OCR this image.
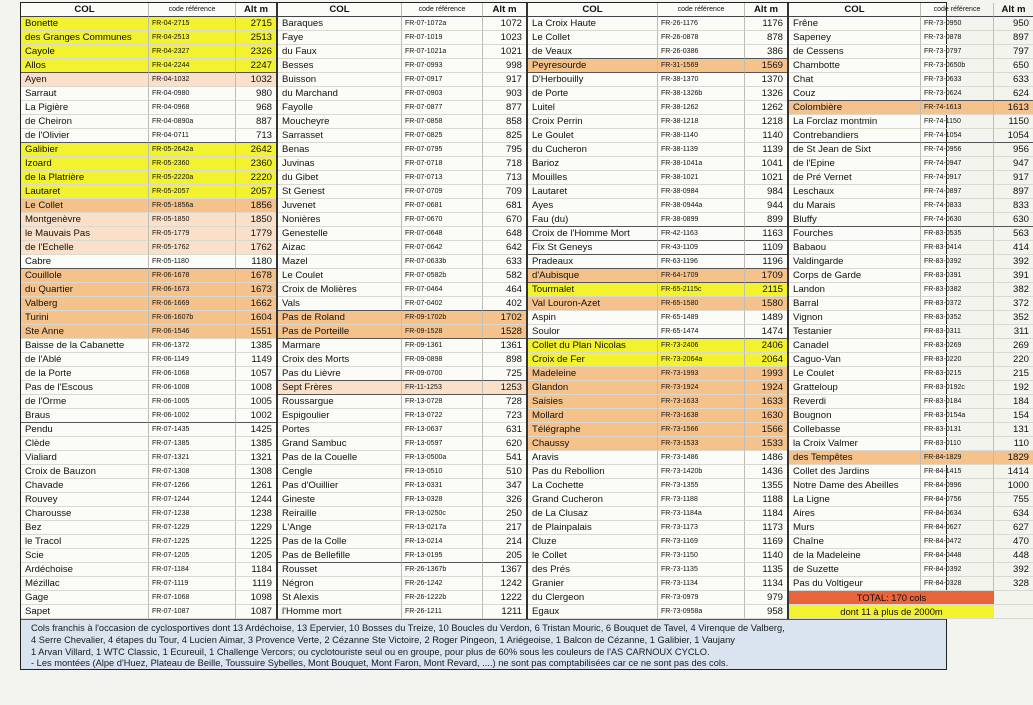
COL	code référence	Alt m
Bonette	FR-04-2715	2715
des Granges Communes	FR-04-2513	2513
Cayole	FR-04-2327	2326
Allos	FR-04-2244	2247
Ayen	FR-04-1032	1032
Sarraut	FR-04-0980	980
La Pigière	FR-04-0968	968
de Cheiron	FR-04-0890a	887
de l'Olivier	FR-04-0711	713
Galibier	FR-05-2642a	2642
Izoard	FR-05-2360	2360
de la Platrière	FR-05-2220a	2220
Lautaret	FR-05-2057	2057
Le Collet	FR-05-1856a	1856
Montgenèvre	FR-05-1850	1850
le Mauvais Pas	FR-05-1779	1779
de l'Echelle	FR-05-1762	1762
Cabre	FR-05-1180	1180
Couillole	FR-06-1678	1678
du Quartier	FR-06-1673	1673
Valberg	FR-06-1669	1662
Turini	FR-06-1607b	1604
Ste Anne	FR-06-1546	1551
Baisse de la Cabanette	FR-06-1372	1385
de l'Ablé	FR-06-1149	1149
de la Porte	FR-06-1068	1057
Pas de l'Escous	FR-06-1008	1008
de l'Orme	FR-06-1005	1005
Braus	FR-06-1002	1002
Pendu	FR-07-1435	1425
Clède	FR-07-1385	1385
Vialiard	FR-07-1321	1321
Croix de Bauzon	FR-07-1308	1308
Chavade	FR-07-1266	1261
Rouvey	FR-07-1244	1244
Charousse	FR-07-1238	1238
Bez	FR-07-1229	1229
le Tracol	FR-07-1225	1225
Scie	FR-07-1205	1205
Ardéchoise	FR-07-1184	1184
Mézillac	FR-07-1119	1119
Gage	FR-07-1068	1098
Sapet	FR-07-1087	1087
COL	code référence	Alt m
Baraques	FR-07-1072a	1072
Faye	FR-07-1019	1023
du Faux	FR-07-1021a	1021
Besses	FR-07-0993	998
Buisson	FR-07-0917	917
du Marchand	FR-07-0903	903
Fayolle	FR-07-0877	877
Moucheyre	FR-07-0858	858
Sarrasset	FR-07-0825	825
Benas	FR-07-0795	795
Juvinas	FR-07-0718	718
du Gibet	FR-07-0713	713
St Genest	FR-07-0709	709
Juvenet	FR-07-0681	681
Nonières	FR-07-0670	670
Genestelle	FR-07-0648	648
Aizac	FR-07-0642	642
Mazel	FR-07-0633b	633
Le Coulet	FR-07-0582b	582
Croix de Molières	FR-07-0464	464
Vals	FR-07-0402	402
Pas de Roland	FR-09-1702b	1702
Pas de Porteille	FR-09-1528	1528
Marmare	FR-09-1361	1361
Croix des Morts	FR-09-0898	898
Pas du Lièvre	FR-09-0700	725
Sept Frères	FR-11-1253	1253
Roussargue	FR-13-0728	728
Espigoulier	FR-13-0722	723
Portes	FR-13-0637	631
Grand Sambuc	FR-13-0597	620
Pas de la Couelle	FR-13-0500a	541
Cengle	FR-13-0510	510
Pas d'Ouillier	FR-13-0331	347
Gineste	FR-13-0328	326
Reiraille	FR-13-0250c	250
L'Ange	FR-13-0217a	217
Pas de la Colle	FR-13-0214	214
Pas de Bellefille	FR-13-0195	205
Rousset	FR-26-1367b	1367
Négron	FR-26-1242	1242
St Alexis	FR-26-1222b	1222
l'Homme mort	FR-26-1211	1211
COL	code référence	Alt m
La Croix Haute	FR-26-1176	1176
Le Collet	FR-26-0878	878
de Veaux	FR-26-0386	386
Peyresourde	FR-31-1569	1569
D'Herbouilly	FR-38-1370	1370
de Porte	FR-38-1326b	1326
Luitel	FR-38-1262	1262
Croix Perrin	FR-38-1218	1218
Le Goulet	FR-38-1140	1140
du Cucheron	FR-38-1139	1139
Barioz	FR-38-1041a	1041
Mouilles	FR-38-1021	1021
Lautaret	FR-38-0984	984
Ayes	FR-38-0944a	944
Fau (du)	FR-38-0899	899
Croix de l'Homme Mort	FR-42-1163	1163
Fix St Geneys	FR-43-1109	1109
Pradeaux	FR-63-1196	1196
d'Aubisque	FR-64-1709	1709
Tourmalet	FR-65-2115c	2115
Val Louron-Azet	FR-65-1580	1580
Aspin	FR-65-1489	1489
Soulor	FR-65-1474	1474
Collet du Plan Nicolas	FR-73-2406	2406
Croix de Fer	FR-73-2064a	2064
Madeleine	FR-73-1993	1993
Glandon	FR-73-1924	1924
Saisies	FR-73-1633	1633
Mollard	FR-73-1638	1630
Télégraphe	FR-73-1566	1566
Chaussy	FR-73-1533	1533
Aravis	FR-73-1486	1486
Pas du Rebollion	FR-73-1420b	1436
La Cochette	FR-73-1355	1355
Grand Cucheron	FR-73-1188	1188
de La Clusaz	FR-73-1184a	1184
de Plainpalais	FR-73-1173	1173
Cluze	FR-73-1169	1169
le Collet	FR-73-1150	1140
des Prés	FR-73-1135	1135
Granier	FR-73-1134	1134
du Clergeon	FR-73-0979	979
Egaux	FR-73-0958a	958
COL	code référence	Alt m
Frêne	FR-73-0950	950
Sapeney	FR-73-0878	897
de Cessens	FR-73-0797	797
Chambotte	FR-73-0650b	650
Chat	FR-73-0633	633
Couz	FR-73-0624	624
Colombière	FR-74-1613	1613
La Forclaz montmin	FR-74-1150	1150
Contrebandiers	FR-74-1054	1054
de St Jean de Sixt	FR-74-0956	956
de l'Epine	FR-74-0947	947
de Pré Vernet	FR-74-0917	917
Leschaux	FR-74-0897	897
du Marais	FR-74-0833	833
Bluffy	FR-74-0630	630
Fourches	FR-83-0535	563
Babaou	FR-83-0414	414
Valdingarde	FR-83-0392	392
Corps de Garde	FR-83-0391	391
Landon	FR-83-0382	382
Barral	FR-83-0372	372
Vignon	FR-83-0352	352
Testanier	FR-83-0311	311
Canadel	FR-83-0269	269
Caguo-Van	FR-83-0220	220
Le Coulet	FR-83-0215	215
Gratteloup	FR-83-0192c	192
Reverdi	FR-83-0184	184
Bougnon	FR-83-0154a	154
Collebasse	FR-83-0131	131
la Croix Valmer	FR-83-0110	110
des Tempêtes	FR-84-1829	1829
Collet des Jardins	FR-84-1415	1414
Notre Dame des Abeilles	FR-84-0996	1000
La Ligne	FR-84-0756	755
Aires	FR-84-0634	634
Murs	FR-84-0627	627
Chaîne	FR-84-0472	470
de la Madeleine	FR-84-0448	448
de Suzette	FR-84-0392	392
Pas du Voltigeur	FR-84-0328	328
TOTAL: 170 cols
dont 11 à plus de 2000m
Cols franchis à l'occasion de cyclosportives dont 13 Ardéchoise, 13 Epervier, 10 Bosses du Treize, 10 Boucles du Verdon, 6 Tristan Mouric, 6 Bouquet de Tavel, 4 Virenque de Valberg,
4 Serre Chevalier, 4 étapes du Tour, 4 Lucien Aimar, 3 Provence Verte, 2 Cézanne Ste Victoire, 2 Roger Pingeon, 1 Ariégeoise, 1 Balcon de Cézanne, 1 Galibier, 1 Vaujany
1 Arvan Villard, 1 WTC Classic, 1 Ecureuil, 1 Challenge Vercors; ou cyclotouriste seul ou en groupe, pour plus de 60% sous les couleurs de l'AS CARNOUX CYCLO.
- Les montées (Alpe d'Huez, Plateau de Beille, Toussuire Sybelles, Mont Bouquet, Mont Faron, Mont Revard, ....) ne sont pas comptabilisées car ce ne sont pas des cols.
